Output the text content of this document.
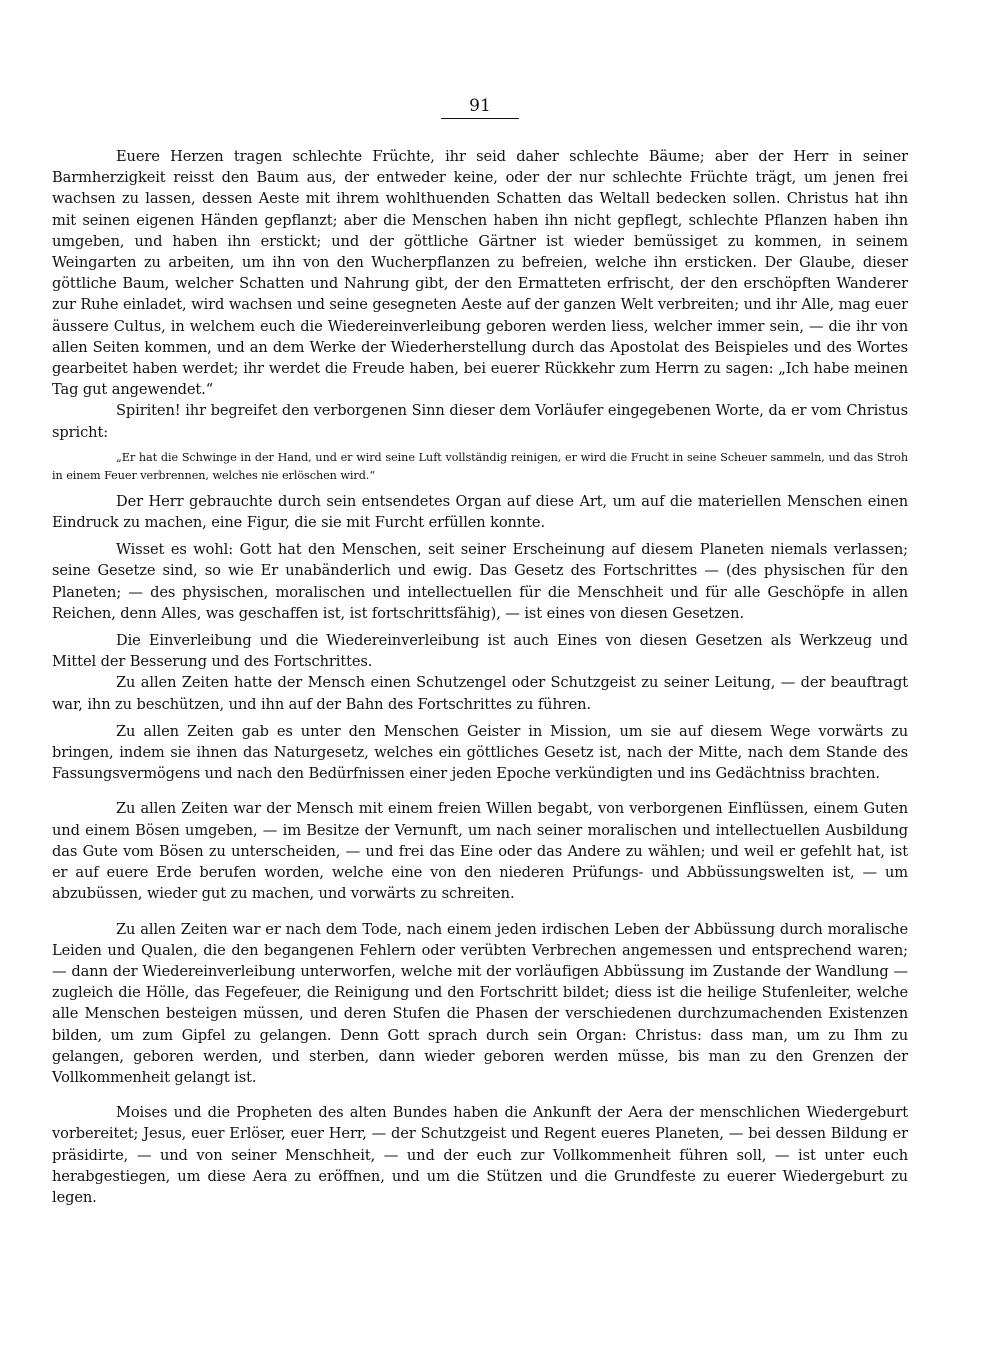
91

Euere Herzen tragen schlechte Früchte, ihr seid daher schlechte Bäume; aber der Herr in seiner Barmherzigkeit reisst den Baum aus, der entweder keine, oder der nur schlechte Früchte trägt, um jenen frei wachsen zu lassen, dessen Aeste mit ihrem wohlthuenden Schatten das Weltall bedecken sollen. Christus hat ihn mit seinen eigenen Händen gepflanzt; aber die Menschen haben ihn nicht gepflegt, schlechte Pflanzen haben ihn umgeben, und haben ihn erstickt; und der göttliche Gärtner ist wieder bemüssiget zu kommen, in seinem Weingarten zu arbeiten, um ihn von den Wucherpflanzen zu befreien, welche ihn ersticken. Der Glaube, dieser göttliche Baum, welcher Schatten und Nahrung gibt, der den Ermatteten erfrischt, der den erschöpften Wanderer zur Ruhe einladet, wird wachsen und seine gesegneten Aeste auf der ganzen Welt verbreiten; und ihr Alle, mag euer äussere Cultus, in welchem euch die Wiedereinverleibung geboren werden liess, welcher immer sein, — die ihr von allen Seiten kommen, und an dem Werke der Wiederherstellung durch das Apostolat des Beispieles und des Wortes gearbeitet haben werdet; ihr werdet die Freude haben, bei euerer Rückkehr zum Herrn zu sagen: „Ich habe meinen Tag gut angewendet.“

Spiriten! ihr begreifet den verborgenen Sinn dieser dem Vorläufer eingegebenen Worte, da er vom Christus spricht:

„Er hat die Schwinge in der Hand, und er wird seine Luft vollständig reinigen, er wird die Frucht in seine Scheuer sammeln, und das Stroh in einem Feuer verbrennen, welches nie erlöschen wird.“

Der Herr gebrauchte durch sein entsendetes Organ auf diese Art, um auf die materiellen Menschen einen Eindruck zu machen, eine Figur, die sie mit Furcht erfüllen konnte.

Wisset es wohl: Gott hat den Menschen, seit seiner Erscheinung auf diesem Planeten niemals verlassen; seine Gesetze sind, so wie Er unabänderlich und ewig. Das Gesetz des Fortschrittes — (des physischen für den Planeten; — des physischen, moralischen und intellectuellen für die Menschheit und für alle Geschöpfe in allen Reichen, denn Alles, was geschaffen ist, ist fortschrittsfähig), — ist eines von diesen Gesetzen.

Die Einverleibung und die Wiedereinverleibung ist auch Eines von diesen Gesetzen als Werkzeug und Mittel der Besserung und des Fortschrittes.

Zu allen Zeiten hatte der Mensch einen Schutzengel oder Schutzgeist zu seiner Leitung, — der beauftragt war, ihn zu beschützen, und ihn auf der Bahn des Fortschrittes zu führen.

Zu allen Zeiten gab es unter den Menschen Geister in Mission, um sie auf diesem Wege vorwärts zu bringen, indem sie ihnen das Naturgesetz, welches ein göttliches Gesetz ist, nach der Mitte, nach dem Stande des Fassungsvermögens und nach den Bedürfnissen einer jeden Epoche verkündigten und ins Gedächtniss brachten.

Zu allen Zeiten war der Mensch mit einem freien Willen begabt, von verborgenen Einflüssen, einem Guten und einem Bösen umgeben, — im Besitze der Vernunft, um nach seiner moralischen und intellectuellen Ausbildung das Gute vom Bösen zu unterscheiden, — und frei das Eine oder das Andere zu wählen; und weil er gefehlt hat, ist er auf euere Erde berufen worden, welche eine von den niederen Prüfungs- und Abbüssungswelten ist, — um abzubüssen, wieder gut zu machen, und vorwärts zu schreiten.

Zu allen Zeiten war er nach dem Tode, nach einem jeden irdischen Leben der Abbüssung durch moralische Leiden und Qualen, die den begangenen Fehlern oder verübten Verbrechen angemessen und entsprechend waren; — dann der Wiedereinverleibung unterworfen, welche mit der vorläufigen Abbüssung im Zustande der Wandlung — zugleich die Hölle, das Fegefeuer, die Reinigung und den Fortschritt bildet; diess ist die heilige Stufenleiter, welche alle Menschen besteigen müssen, und deren Stufen die Phasen der verschiedenen durchzumachenden Existenzen bilden, um zum Gipfel zu gelangen. Denn Gott sprach durch sein Organ: Christus: dass man, um zu Ihm zu gelangen, geboren werden, und sterben, dann wieder geboren werden müsse, bis man zu den Grenzen der Vollkommenheit gelangt ist.

Moises und die Propheten des alten Bundes haben die Ankunft der Aera der menschlichen Wiedergeburt vorbereitet; Jesus, euer Erlöser, euer Herr, — der Schutzgeist und Regent eueres Planeten, — bei dessen Bildung er präsidirte, — und von seiner Menschheit, — und der euch zur Vollkommenheit führen soll, — ist unter euch herabgestiegen, um diese Aera zu eröffnen, und um die Stützen und die Grundfeste zu euerer Wiedergeburt zu legen.
